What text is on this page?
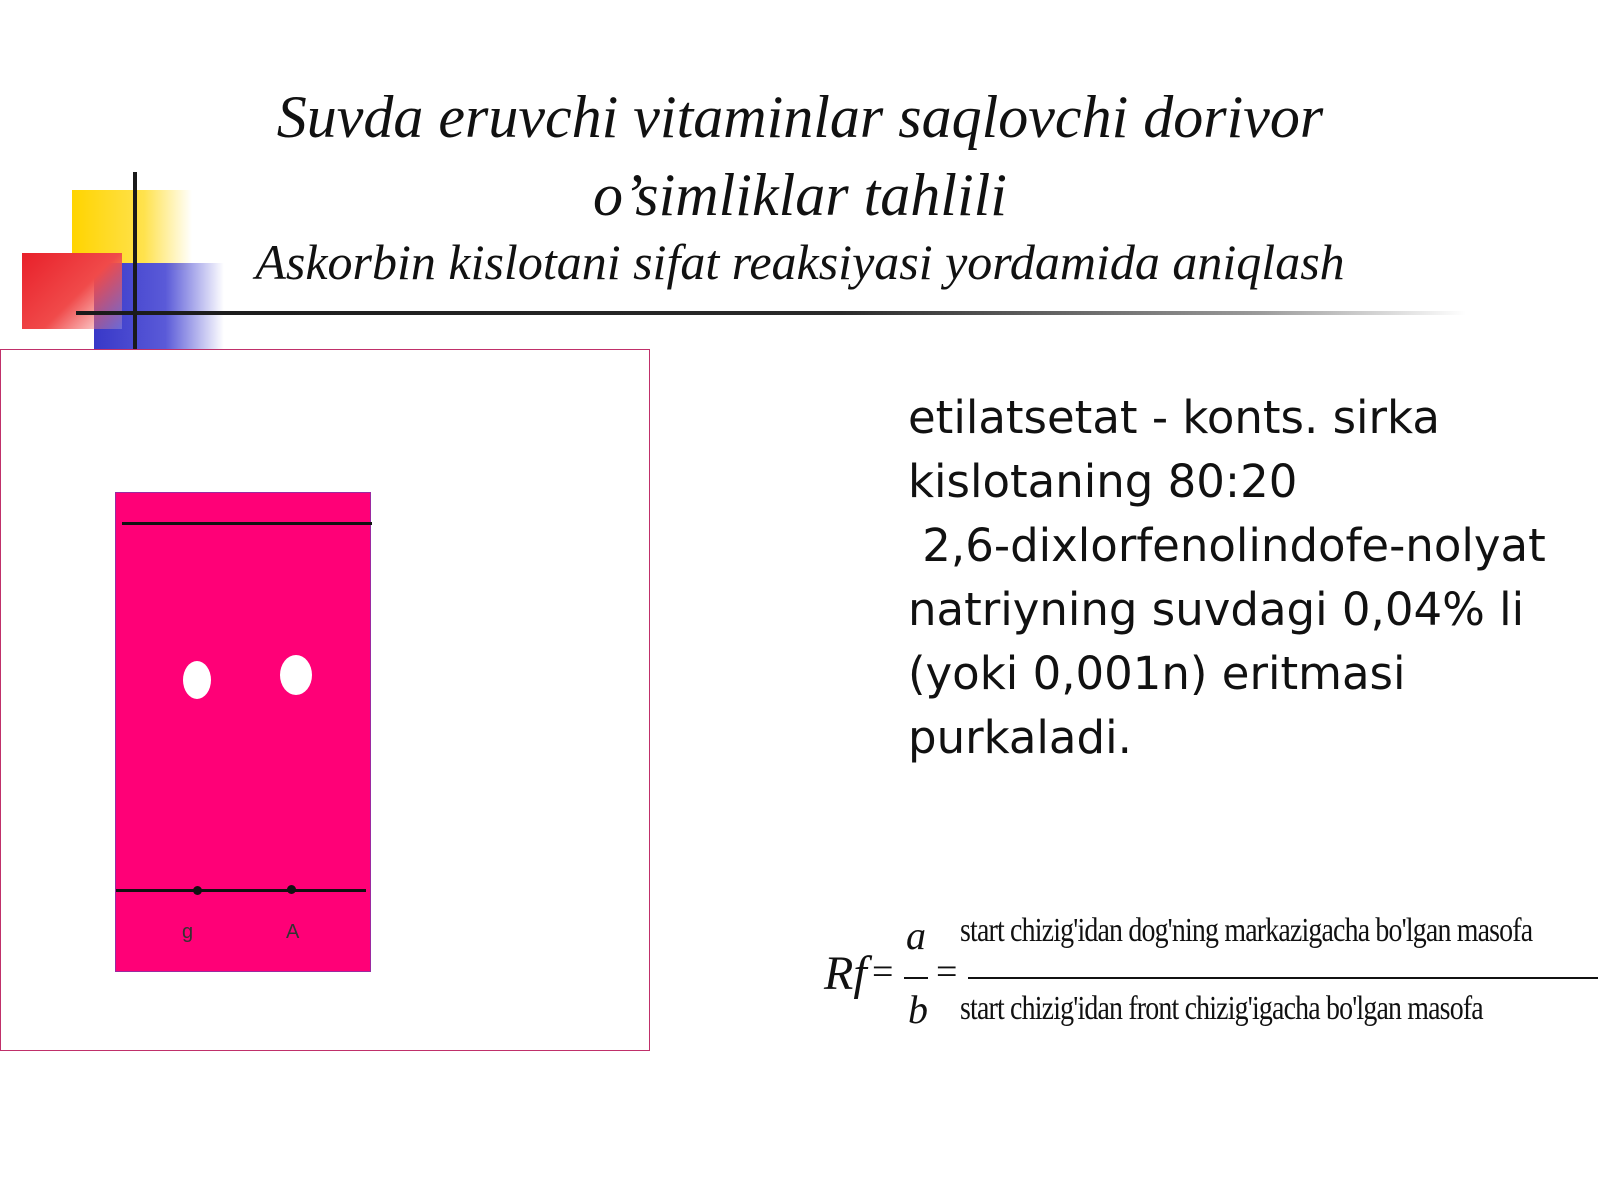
Suvda eruvchi vitaminlar saqlovchi dorivor
o’simliklar tahlili
Askorbin kislotani sifat reaksiyasi yordamida aniqlash
g	A
etilatsetat - konts. sirka
kislotaning 80:20
2,6-dixlorfenolindofe-nolyat
natriyning suvdagi 0,04% li
(yoki 0,001n) eritmasi
purkaladi.
Rf =
a
b
=
start chizig'idan dog'ning markazigacha bo'lgan masofa
start chizig'idan front chizig'igacha bo'lgan masofa
